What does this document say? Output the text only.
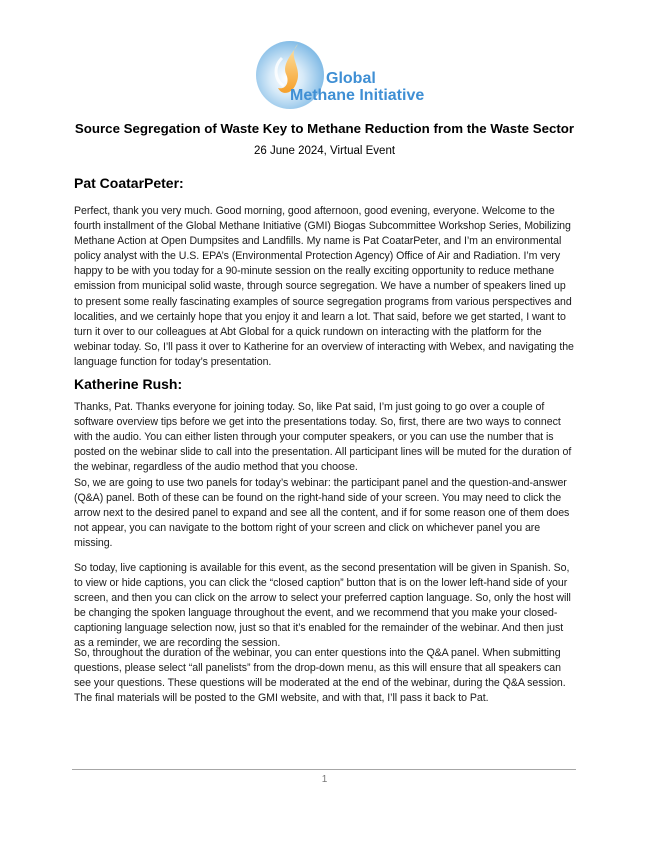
Global
Methane Initiative
Source Segregation of Waste Key to Methane Reduction from the Waste Sector
26 June 2024, Virtual Event
Pat CoatarPeter:

Perfect, thank you very much. Good morning, good afternoon, good evening, everyone. Welcome to the fourth installment of the Global Methane Initiative (GMI) Biogas Subcommittee Workshop Series, Mobilizing Methane Action at Open Dumpsites and Landfills. My name is Pat CoatarPeter, and I’m an environmental policy analyst with the U.S. EPA’s (Environmental Protection Agency) Office of Air and Radiation. I’m very happy to be with you today for a 90-minute session on the really exciting opportunity to reduce methane emission from municipal solid waste, through source segregation. We have a number of speakers lined up to present some really fascinating examples of source segregation programs from various perspectives and localities, and we certainly hope that you enjoy it and learn a lot. That said, before we get started, I want to turn it over to our colleagues at Abt Global for a quick rundown on interacting with the platform for the webinar today. So, I’ll pass it over to Katherine for an overview of interacting with Webex, and navigating the language function for today’s presentation.

Katherine Rush:

Thanks, Pat. Thanks everyone for joining today. So, like Pat said, I’m just going to go over a couple of software overview tips before we get into the presentations today. So, first, there are two ways to connect with the audio. You can either listen through your computer speakers, or you can use the number that is posted on the webinar slide to call into the presentation. All participant lines will be muted for the duration of the webinar, regardless of the audio method that you choose.

So, we are going to use two panels for today’s webinar: the participant panel and the question-and-answer (Q&A) panel. Both of these can be found on the right-hand side of your screen. You may need to click the arrow next to the desired panel to expand and see all the content, and if for some reason one of them does not appear, you can navigate to the bottom right of your screen and click on whichever panel you are missing.

So today, live captioning is available for this event, as the second presentation will be given in Spanish. So, to view or hide captions, you can click the “closed caption” button that is on the lower left-hand side of your screen, and then you can click on the arrow to select your preferred caption language. So, only the host will be changing the spoken language throughout the event, and we recommend that you make your closed-captioning language selection now, just so that it’s enabled for the remainder of the webinar. And then just as a reminder, we are recording the session.

So, throughout the duration of the webinar, you can enter questions into the Q&A panel. When submitting questions, please select “all panelists” from the drop-down menu, as this will ensure that all speakers can see your questions. These questions will be moderated at the end of the webinar, during the Q&A session. The final materials will be posted to the GMI website, and with that, I’ll pass it back to Pat.

1
